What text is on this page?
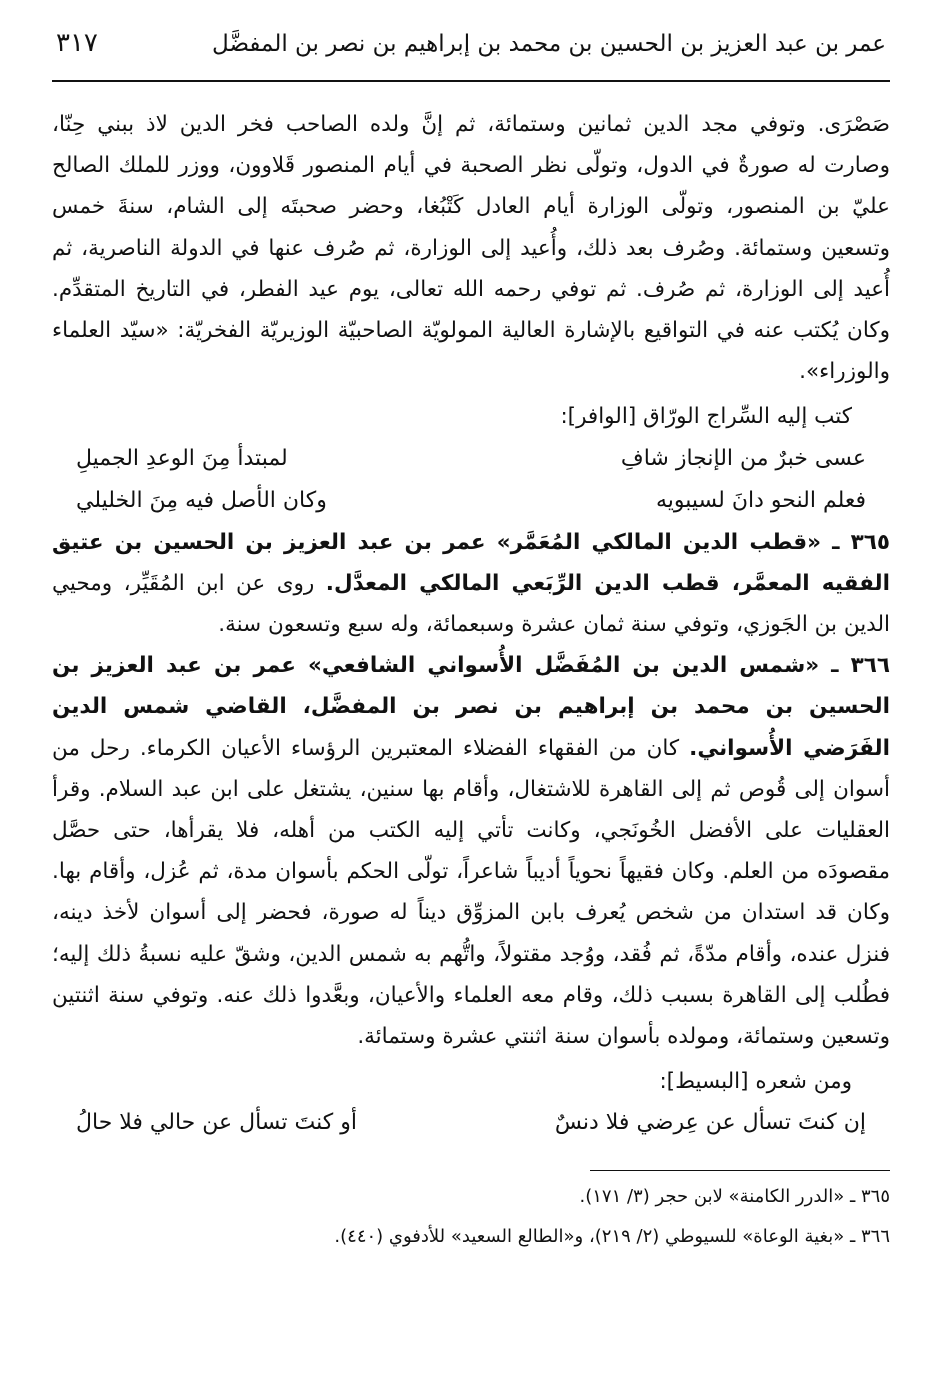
عمر بن عبد العزيز بن الحسين بن محمد بن إبراهيم بن نصر بن المفضَّل
٣١٧

صَصْرَى. وتوفي مجد الدين ثمانين وستمائة، ثم إنَّ ولده الصاحب فخر الدين لاذ ببني حِنّا، وصارت له صورةٌ في الدول، وتولّى نظر الصحبة في أيام المنصور قَلاوون، ووزر للملك الصالح عليّ بن المنصور، وتولّى الوزارة أيام العادل كَتْبُغا، وحضر صحبتَه إلى الشام، سنةَ خمس وتسعين وستمائة. وصُرف بعد ذلك، وأُعيد إلى الوزارة، ثم صُرف عنها في الدولة الناصرية، ثم أُعيد إلى الوزارة، ثم صُرف. ثم توفي رحمه الله تعالى، يوم عيد الفطر، في التاريخ المتقدِّم. وكان يُكتب عنه في التواقيع بالإشارة العالية المولويّة الصاحبيّة الوزيريّة الفخريّة: «سيّد العلماء والوزراء».

كتب إليه السِّراج الورّاق [الوافر]:

عسى خبرٌ من الإنجاز شافِ
لمبتدأ مِنَ الوعدِ الجميلِ
فعلم النحو دانَ لسيبويه
وكان الأصل فيه مِنَ الخليلي

٣٦٥ ـ «قطب الدين المالكي المُعَمَّر» عمر بن عبد العزيز بن الحسين بن عتيق الفقيه المعمَّر، قطب الدين الرِّبَعي المالكي المعدَّل. روى عن ابن المُقَيِّر، ومحيي الدين بن الجَوزي، وتوفي سنة ثمان عشرة وسبعمائة، وله سبع وتسعون سنة.

٣٦٦ ـ «شمس الدين بن المُفَضَّل الأُسواني الشافعي» عمر بن عبد العزيز بن الحسين بن محمد بن إبراهيم بن نصر بن المفضَّل، القاضي شمس الدين الفَرَضي الأُسواني. كان من الفقهاء الفضلاء المعتبرين الرؤساء الأعيان الكرماء. رحل من أسوان إلى قُوص ثم إلى القاهرة للاشتغال، وأقام بها سنين، يشتغل على ابن عبد السلام. وقرأ العقليات على الأفضل الخُونَجي، وكانت تأتي إليه الكتب من أهله، فلا يقرأها، حتى حصَّل مقصودَه من العلم. وكان فقيهاً نحوياً أديباً شاعراً، تولّى الحكم بأسوان مدة، ثم عُزل، وأقام بها. وكان قد استدان من شخص يُعرف بابن المزوِّق ديناً له صورة، فحضر إلى أسوان لأخذ دينه، فنزل عنده، وأقام مدّةً، ثم فُقد، ووُجد مقتولاً، واتُّهم به شمس الدين، وشقّ عليه نسبةُ ذلك إليه؛ فطُلب إلى القاهرة بسبب ذلك، وقام معه العلماء والأعيان، وبعَّدوا ذلك عنه. وتوفي سنة اثنتين وتسعين وستمائة، ومولده بأسوان سنة اثنتي عشرة وستمائة.

ومن شعره [البسيط]:

إن كنتَ تسأل عن عِرضي فلا دنسٌ
أو كنتَ تسأل عن حالي فلا حالُ

٣٦٥ ـ «الدرر الكامنة» لابن حجر (٣/ ١٧١).

٣٦٦ ـ «بغية الوعاة» للسيوطي (٢/ ٢١٩)، و«الطالع السعيد» للأدفوي (٤٤٠).
